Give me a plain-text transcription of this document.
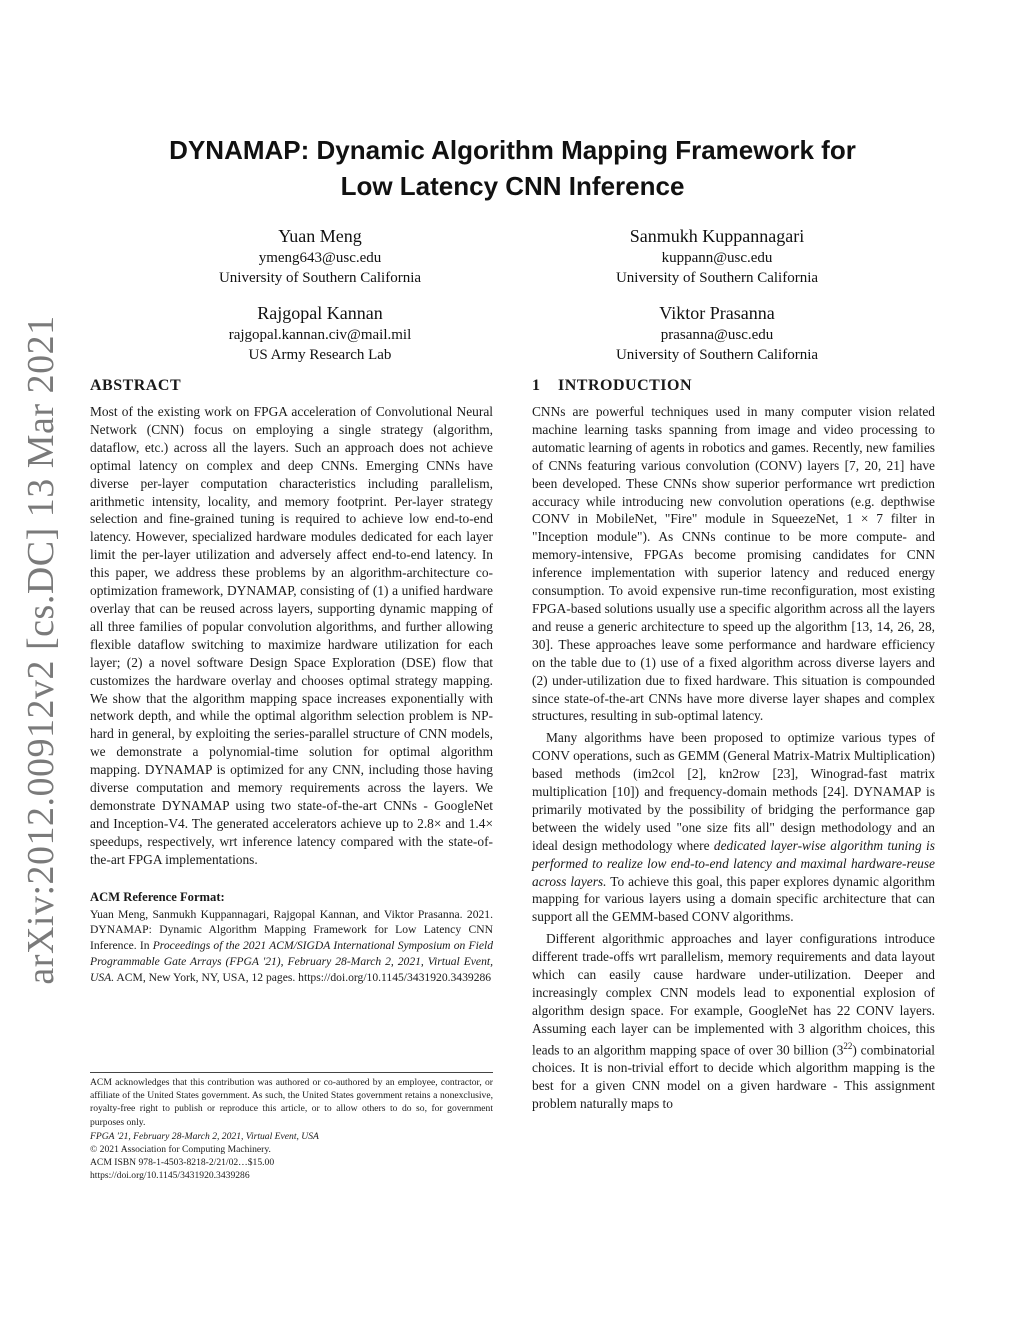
arXiv:2012.00912v2 [cs.DC] 13 Mar 2021
DYNAMAP: Dynamic Algorithm Mapping Framework for
Low Latency CNN Inference
Yuan Meng
ymeng643@usc.edu
University of Southern California
Sanmukh Kuppannagari
kuppann@usc.edu
University of Southern California
Rajgopal Kannan
rajgopal.kannan.civ@mail.mil
US Army Research Lab
Viktor Prasanna
prasanna@usc.edu
University of Southern California
ABSTRACT

Most of the existing work on FPGA acceleration of Convolutional Neural Network (CNN) focus on employing a single strategy (algorithm, dataflow, etc.) across all the layers. Such an approach does not achieve optimal latency on complex and deep CNNs. Emerging CNNs have diverse per-layer computation characteristics including parallelism, arithmetic intensity, locality, and memory footprint. Per-layer strategy selection and fine-grained tuning is required to achieve low end-to-end latency. However, specialized hardware modules dedicated for each layer limit the per-layer utilization and adversely affect end-to-end latency. In this paper, we address these problems by an algorithm-architecture co-optimization framework, DYNAMAP, consisting of (1) a unified hardware overlay that can be reused across layers, supporting dynamic mapping of all three families of popular convolution algorithms, and further allowing flexible dataflow switching to maximize hardware utilization for each layer; (2) a novel software Design Space Exploration (DSE) flow that customizes the hardware overlay and chooses optimal strategy mapping. We show that the algorithm mapping space increases exponentially with network depth, and while the optimal algorithm selection problem is NP-hard in general, by exploiting the series-parallel structure of CNN models, we demonstrate a polynomial-time solution for optimal algorithm mapping. DYNAMAP is optimized for any CNN, including those having diverse computation and memory requirements across the layers. We demonstrate DYNAMAP using two state-of-the-art CNNs - GoogleNet and Inception-V4. The generated accelerators achieve up to 2.8× and 1.4× speedups, respectively, wrt inference latency compared with the state-of-the-art FPGA implementations.

ACM Reference Format:

Yuan Meng, Sanmukh Kuppannagari, Rajgopal Kannan, and Viktor Prasanna. 2021. DYNAMAP: Dynamic Algorithm Mapping Framework for Low Latency CNN Inference. In Proceedings of the 2021 ACM/SIGDA International Symposium on Field Programmable Gate Arrays (FPGA '21), February 28-March 2, 2021, Virtual Event, USA. ACM, New York, NY, USA, 12 pages. https://doi.org/10.1145/3431920.3439286

ACM acknowledges that this contribution was authored or co-authored by an employee, contractor, or affiliate of the United States government. As such, the United States government retains a nonexclusive, royalty-free right to publish or reproduce this article, or to allow others to do so, for government purposes only.

FPGA '21, February 28-March 2, 2021, Virtual Event, USA

© 2021 Association for Computing Machinery.

ACM ISBN 978-1-4503-8218-2/21/02…$15.00

https://doi.org/10.1145/3431920.3439286

1 INTRODUCTION

CNNs are powerful techniques used in many computer vision related machine learning tasks spanning from image and video processing to automatic learning of agents in robotics and games. Recently, new families of CNNs featuring various convolution (CONV) layers [7, 20, 21] have been developed. These CNNs show superior performance wrt prediction accuracy while introducing new convolution operations (e.g. depthwise CONV in MobileNet, "Fire" module in SqueezeNet, 1 × 7 filter in "Inception module"). As CNNs continue to be more compute- and memory-intensive, FPGAs become promising candidates for CNN inference implementation with superior latency and reduced energy consumption. To avoid expensive run-time reconfiguration, most existing FPGA-based solutions usually use a specific algorithm across all the layers and reuse a generic architecture to speed up the algorithm [13, 14, 26, 28, 30]. These approaches leave some performance and hardware efficiency on the table due to (1) use of a fixed algorithm across diverse layers and (2) under-utilization due to fixed hardware. This situation is compounded since state-of-the-art CNNs have more diverse layer shapes and complex structures, resulting in sub-optimal latency.

Many algorithms have been proposed to optimize various types of CONV operations, such as GEMM (General Matrix-Matrix Multiplication) based methods (im2col [2], kn2row [23], Winograd-fast matrix multiplication [10]) and frequency-domain methods [24]. DYNAMAP is primarily motivated by the possibility of bridging the performance gap between the widely used "one size fits all" design methodology and an ideal design methodology where dedicated layer-wise algorithm tuning is performed to realize low end-to-end latency and maximal hardware-reuse across layers. To achieve this goal, this paper explores dynamic algorithm mapping for various layers using a domain specific architecture that can support all the GEMM-based CONV algorithms.

Different algorithmic approaches and layer configurations introduce different trade-offs wrt parallelism, memory requirements and data layout which can easily cause hardware under-utilization. Deeper and increasingly complex CNN models lead to exponential explosion of algorithm design space. For example, GoogleNet has 22 CONV layers. Assuming each layer can be implemented with 3 algorithm choices, this leads to an algorithm mapping space of over 30 billion $(3^{22})$ combinatorial choices. It is non-trivial effort to decide which algorithm mapping is the best for a given CNN model on a given hardware - This assignment problem naturally maps to
